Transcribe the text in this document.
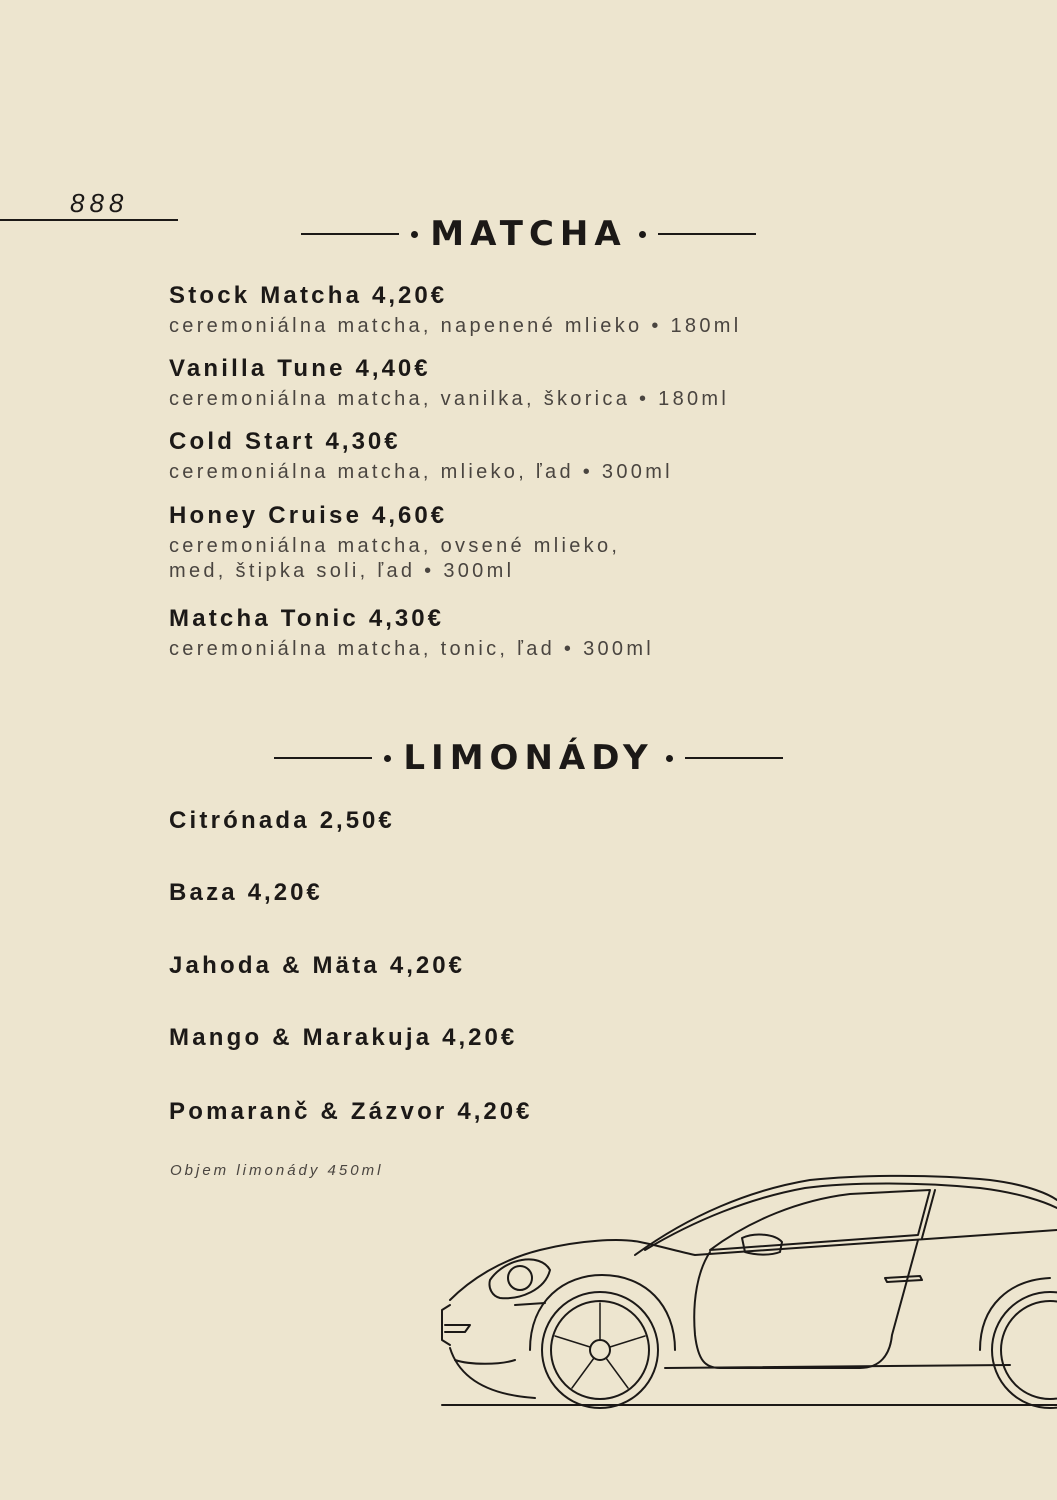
888
MATCHA
Stock Matcha 4,20€
ceremoniálna matcha, napenené mlieko • 180ml
Vanilla Tune 4,40€
ceremoniálna matcha, vanilka, škorica • 180ml
Cold Start 4,30€
ceremoniálna matcha, mlieko, ľad • 300ml
Honey Cruise 4,60€
ceremoniálna matcha, ovsené mlieko,
med, štipka soli, ľad • 300ml
Matcha Tonic 4,30€
ceremoniálna matcha, tonic, ľad • 300ml
LIMONÁDY
Citrónada 2,50€
Baza 4,20€
Jahoda & Mäta 4,20€
Mango & Marakuja 4,20€
Pomaranč & Zázvor 4,20€
Objem limonády 450ml
